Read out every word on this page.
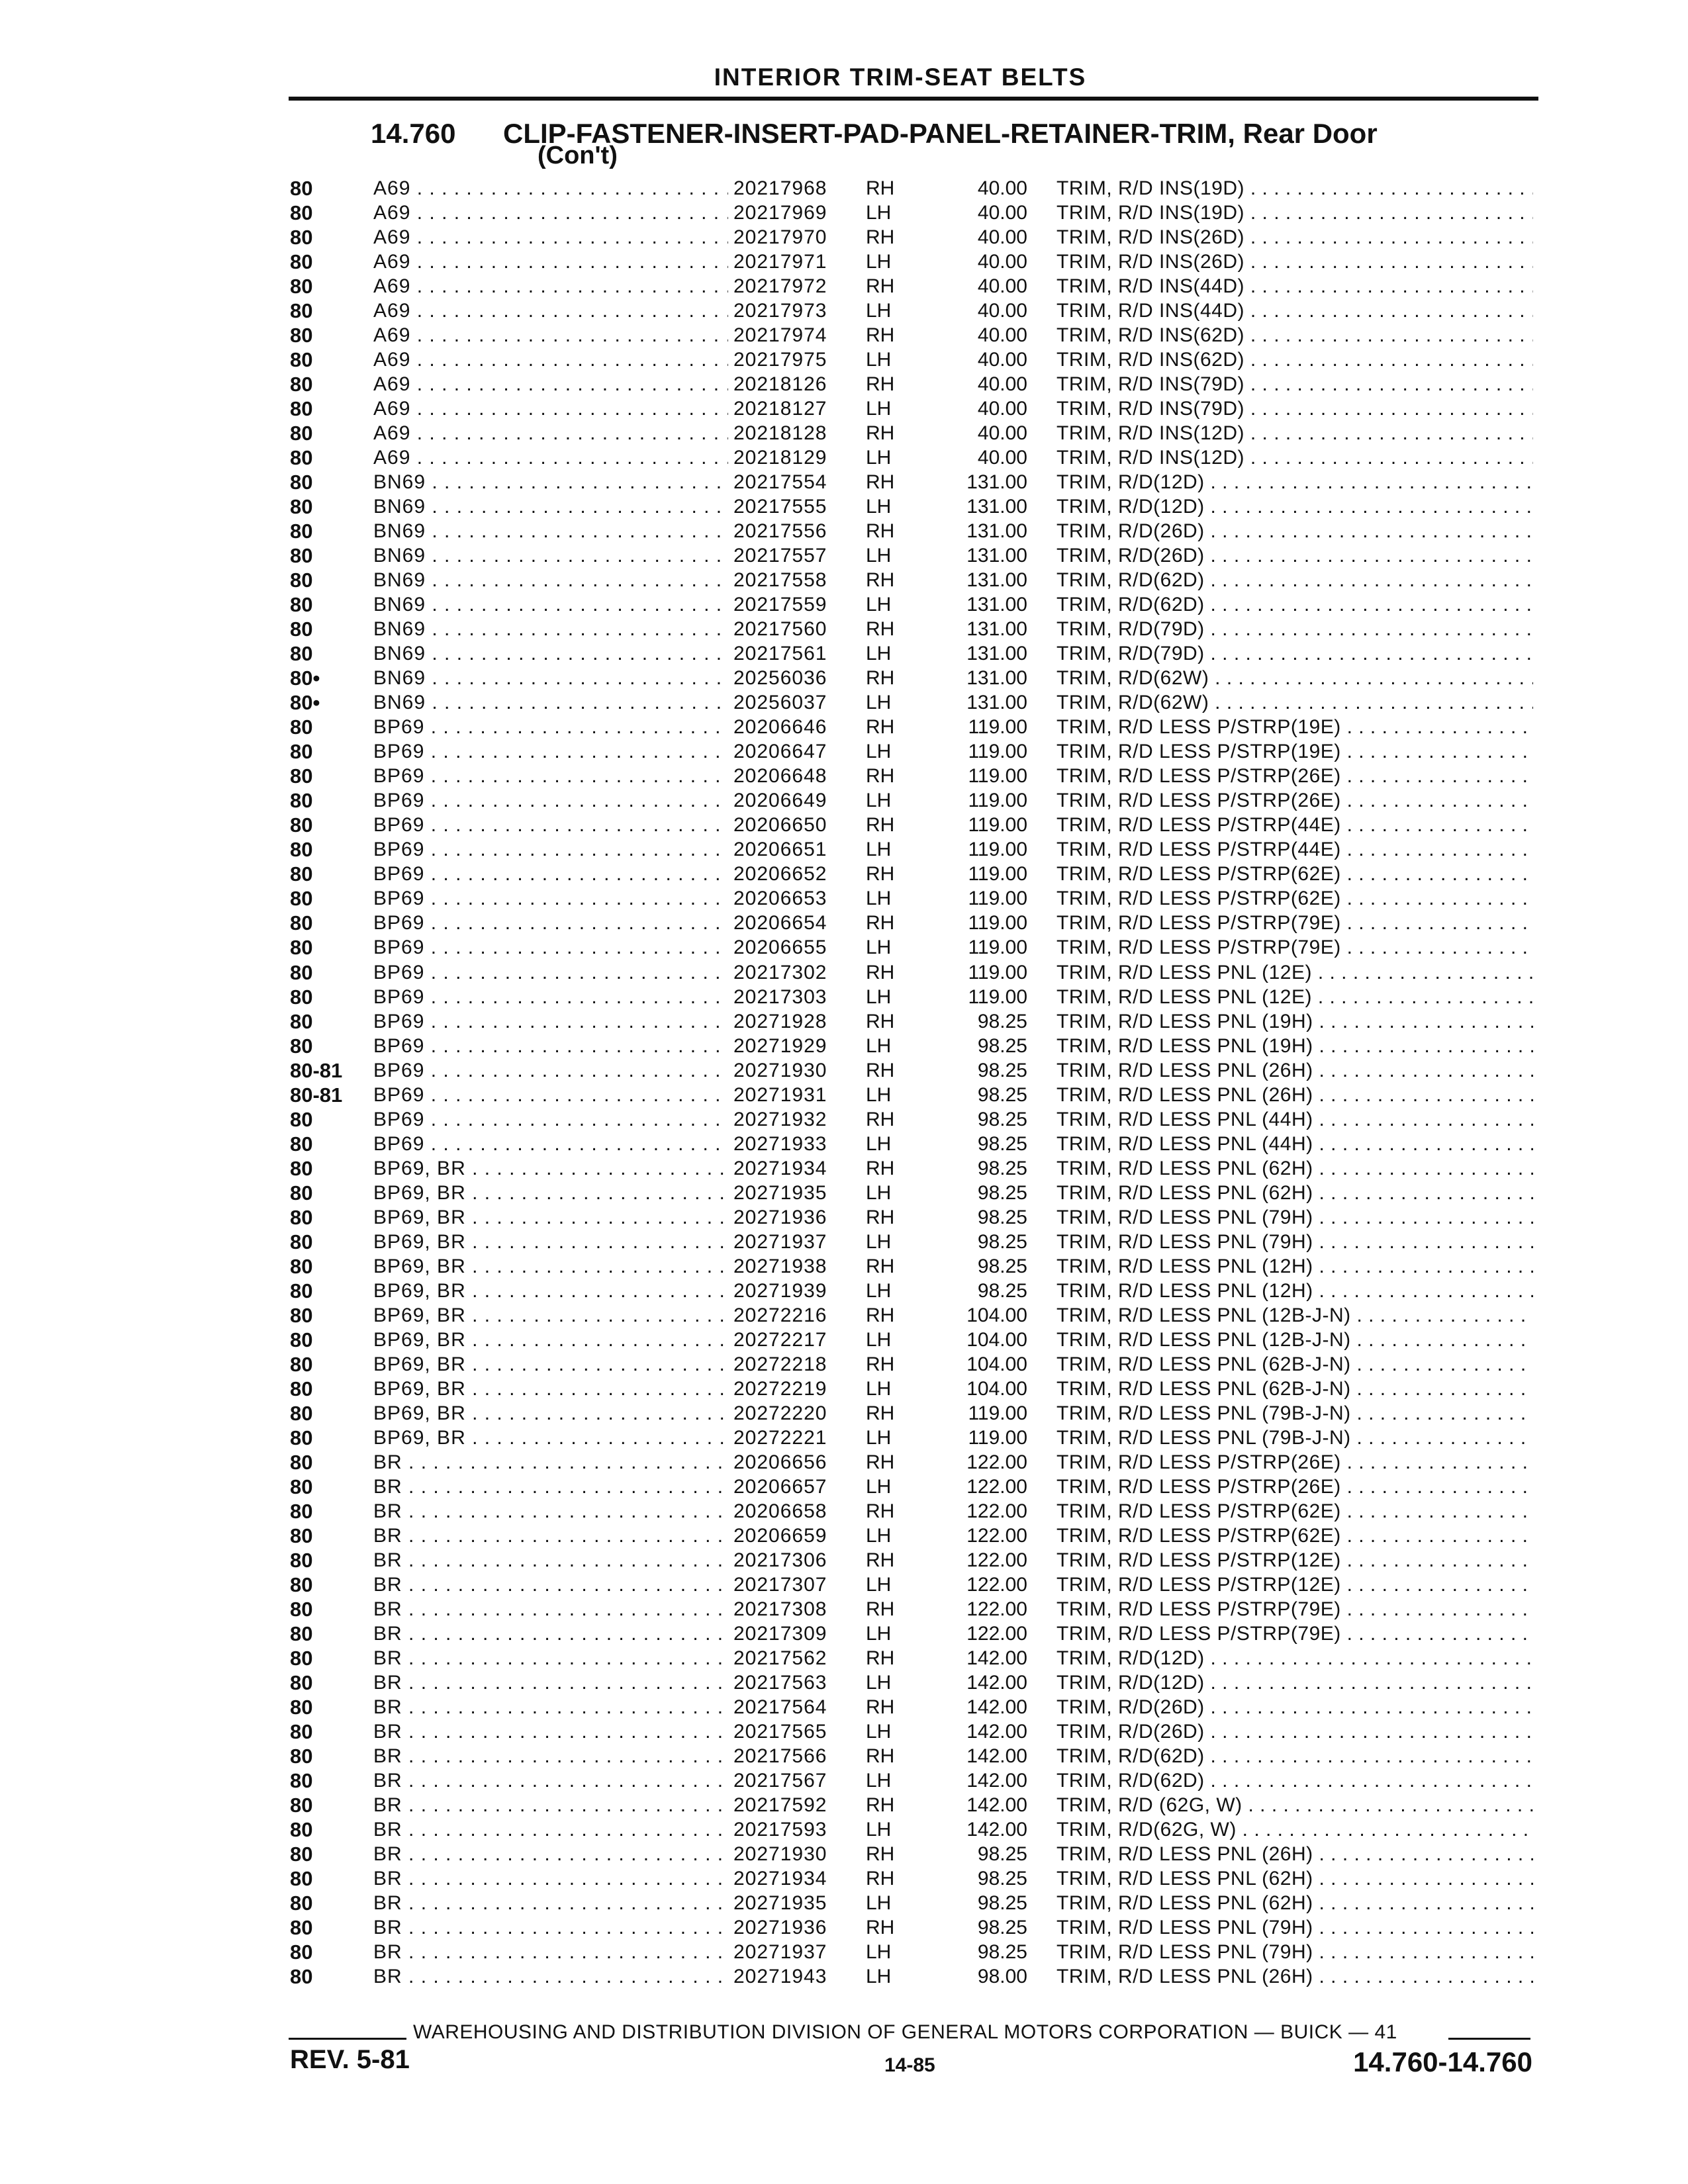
INTERIOR TRIM-SEAT BELTS
14.760 CLIP-FASTENER-INSERT-PAD-PANEL-RETAINER-TRIM, Rear Door
(Con't)
80	A69 . . .	20217968 RH	40.00 TRIM, R/D INS(19D) . . .
80	A69 . . .	20217969 LH	40.00 TRIM, R/D INS(19D) . . .
80	A69 . . .	20217970 RH	40.00 TRIM, R/D INS(26D) . . .
80	A69 . . .	20217971 LH	40.00 TRIM, R/D INS(26D) . . .
80	A69 . . .	20217972 RH	40.00 TRIM, R/D INS(44D) . . .
80	A69 . . .	20217973 LH	40.00 TRIM, R/D INS(44D) . . .
80	A69 . . .	20217974 RH	40.00 TRIM, R/D INS(62D) . . .
80	A69 . . .	20217975 LH	40.00 TRIM, R/D INS(62D) . . .
80	A69 . . .	20218126 RH	40.00 TRIM, R/D INS(79D) . . .
80	A69 . . .	20218127 LH	40.00 TRIM, R/D INS(79D) . . .
80	A69 . . .	20218128 RH	40.00 TRIM, R/D INS(12D) . . .
80	A69 . . .	20218129 LH	40.00 TRIM, R/D INS(12D) . . .
80	BN69 . . .	20217554 RH	131.00 TRIM, R/D(12D) . . .
80	BN69 . . .	20217555 LH	131.00 TRIM, R/D(12D) . . .
80	BN69 . . .	20217556 RH	131.00 TRIM, R/D(26D) . . .
80	BN69 . . .	20217557 LH	131.00 TRIM, R/D(26D) . . .
80	BN69 . . .	20217558 RH	131.00 TRIM, R/D(62D) . . .
80	BN69 . . .	20217559 LH	131.00 TRIM, R/D(62D) . . .
80	BN69 . . .	20217560 RH	131.00 TRIM, R/D(79D) . . .
80	BN69 . . .	20217561 LH	131.00 TRIM, R/D(79D) . . .
80•	BN69 . . .	20256036 RH	131.00 TRIM, R/D(62W) . . .
80•	BN69 . . .	20256037 LH	131.00 TRIM, R/D(62W) . . .
80	BP69 . . .	20206646 RH	119.00 TRIM, R/D LESS P/STRP(19E) . . .
80	BP69 . . .	20206647 LH	119.00 TRIM, R/D LESS P/STRP(19E) . . .
80	BP69 . . .	20206648 RH	119.00 TRIM, R/D LESS P/STRP(26E) . . .
80	BP69 . . .	20206649 LH	119.00 TRIM, R/D LESS P/STRP(26E) . . .
80	BP69 . . .	20206650 RH	119.00 TRIM, R/D LESS P/STRP(44E) . . .
80	BP69 . . .	20206651 LH	119.00 TRIM, R/D LESS P/STRP(44E) . . .
80	BP69 . . .	20206652 RH	119.00 TRIM, R/D LESS P/STRP(62E) . . .
80	BP69 . . .	20206653 LH	119.00 TRIM, R/D LESS P/STRP(62E) . . .
80	BP69 . . .	20206654 RH	119.00 TRIM, R/D LESS P/STRP(79E) . . .
80	BP69 . . .	20206655 LH	119.00 TRIM, R/D LESS P/STRP(79E) . . .
80	BP69 . . .	20217302 RH	119.00 TRIM, R/D LESS PNL (12E) . . .
80	BP69 . . .	20217303 LH	119.00 TRIM, R/D LESS PNL (12E) . . .
80	BP69 . . .	20271928 RH	98.25 TRIM, R/D LESS PNL (19H) . . .
80	BP69 . . .	20271929 LH	98.25 TRIM, R/D LESS PNL (19H) . . .
80-81 BP69 . . .	20271930 RH	98.25 TRIM, R/D LESS PNL (26H) . . .
80-81 BP69 . . .	20271931 LH	98.25 TRIM, R/D LESS PNL (26H) . . .
80	BP69 . . .	20271932 RH	98.25 TRIM, R/D LESS PNL (44H) . . .
80	BP69 . . .	20271933 LH	98.25 TRIM, R/D LESS PNL (44H) . . .
80	BP69, BR . . .	20271934 RH	98.25 TRIM, R/D LESS PNL (62H) . . .
80	BP69, BR . . .	20271935 LH	98.25 TRIM, R/D LESS PNL (62H) . . .
80	BP69, BR . . .	20271936 RH	98.25 TRIM, R/D LESS PNL (79H) . . .
80	BP69, BR . . .	20271937 LH	98.25 TRIM, R/D LESS PNL (79H) . . .
80	BP69, BR . . .	20271938 RH	98.25 TRIM, R/D LESS PNL (12H) . . .
80	BP69, BR . . .	20271939 LH	98.25 TRIM, R/D LESS PNL (12H) . . .
80	BP69, BR . . .	20272216 RH	104.00 TRIM, R/D LESS PNL (12B-J-N) . . .
80	BP69, BR . . .	20272217 LH	104.00 TRIM, R/D LESS PNL (12B-J-N) . . .
80	BP69, BR . . .	20272218 RH	104.00 TRIM, R/D LESS PNL (62B-J-N) . . .
80	BP69, BR . . .	20272219 LH	104.00 TRIM, R/D LESS PNL (62B-J-N) . . .
80	BP69, BR . . .	20272220 RH	119.00 TRIM, R/D LESS PNL (79B-J-N) . . .
80	BP69, BR . . .	20272221 LH	119.00 TRIM, R/D LESS PNL (79B-J-N) . . .
80	BR . . .	20206656 RH	122.00 TRIM, R/D LESS P/STRP(26E) . . .
80	BR . . .	20206657 LH	122.00 TRIM, R/D LESS P/STRP(26E) . . .
80	BR . . .	20206658 RH	122.00 TRIM, R/D LESS P/STRP(62E) . . .
80	BR . . .	20206659 LH	122.00 TRIM, R/D LESS P/STRP(62E) . . .
80	BR . . .	20217306 RH	122.00 TRIM, R/D LESS P/STRP(12E) . . .
80	BR . . .	20217307 LH	122.00 TRIM, R/D LESS P/STRP(12E) . . .
80	BR . . .	20217308 RH	122.00 TRIM, R/D LESS P/STRP(79E) . . .
80	BR . . .	20217309 LH	122.00 TRIM, R/D LESS P/STRP(79E) . . .
80	BR . . .	20217562 RH	142.00 TRIM, R/D(12D) . . .
80	BR . . .	20217563 LH	142.00 TRIM, R/D(12D) . . .
80	BR . . .	20217564 RH	142.00 TRIM, R/D(26D) . . .
80	BR . . .	20217565 LH	142.00 TRIM, R/D(26D) . . .
80	BR . . .	20217566 RH	142.00 TRIM, R/D(62D) . . .
80	BR . . .	20217567 LH	142.00 TRIM, R/D(62D) . . .
80	BR . . .	20217592 RH	142.00 TRIM, R/D (62G, W) . . .
80	BR . . .	20217593 LH	142.00 TRIM, R/D(62G, W) . . .
80	BR . . .	20271930 RH	98.25 TRIM, R/D LESS PNL (26H) . . .
80	BR . . .	20271934 RH	98.25 TRIM, R/D LESS PNL (62H) . . .
80	BR . . .	20271935 LH	98.25 TRIM, R/D LESS PNL (62H) . . .
80	BR . . .	20271936 RH	98.25 TRIM, R/D LESS PNL (79H) . . .
80	BR . . .	20271937 LH	98.25 TRIM, R/D LESS PNL (79H) . . .
80	BR . . .	20271943 LH	98.00 TRIM, R/D LESS PNL (26H) . . .
WAREHOUSING AND DISTRIBUTION DIVISION OF GENERAL MOTORS CORPORATION — BUICK — 41
REV. 5-81	14-85	14.760-14.760
